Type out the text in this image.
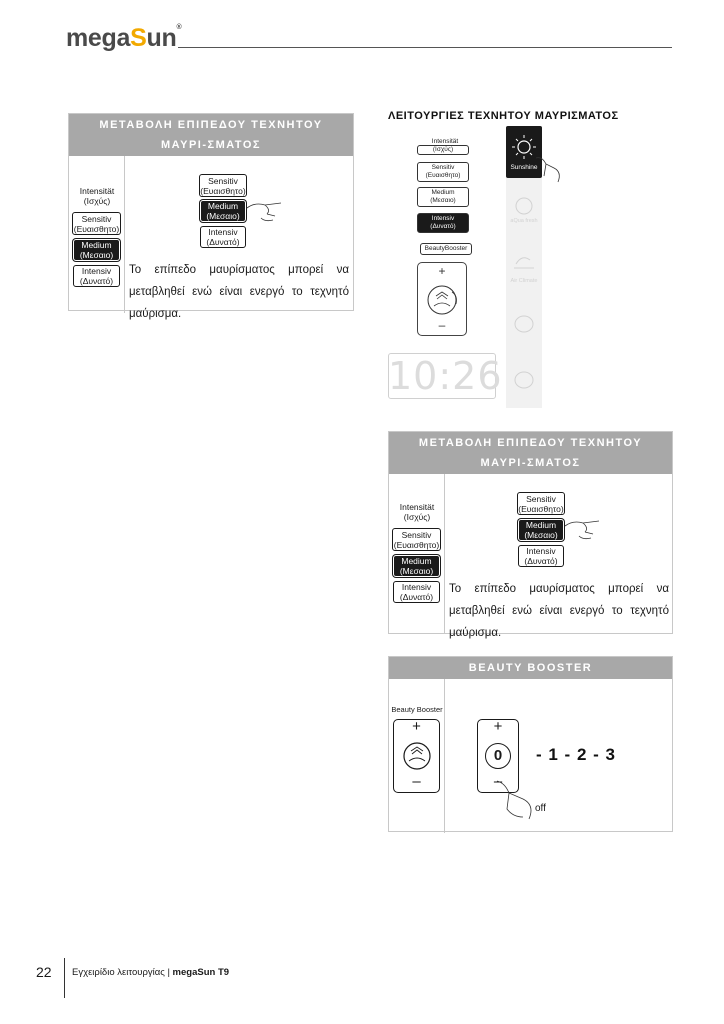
megaSun®
ΜΕΤΑΒΟΛΗ ΕΠΙΠΕΔΟΥ ΤΕΧΝΗΤΟΥ ΜΑΥΡΙ-ΣΜΑΤΟΣ
Intensität
(Ισχύς)
Sensitiv
(Ευαισθητο)
Medium
(Μεσαιο)
Intensiv
(Δυνατό)
Sensitiv
(Ευαισθητο)
Medium
(Μεσαιο)
Intensiv
(Δυνατό)
Το επίπεδο μαυρίσματος μπορεί να μεταβληθεί ενώ είναι ενεργό το τεχνητό μαύρισμα.
ΛΕΙΤΟΥΡΓΙΕΣ ΤΕΧΝΗΤΟΥ ΜΑΥΡΙΣΜΑΤΟΣ
Intensität
(Ισχύς)
Sensitiv
(Ευαισθητο)
Medium
(Μεσαιο)
Intensiv
(Δυνατό)
BeautyBooster
+
–
Sunshine
aQua fresh
Air Climate
10:26
ΜΕΤΑΒΟΛΗ ΕΠΙΠΕΔΟΥ ΤΕΧΝΗΤΟΥ ΜΑΥΡΙ-ΣΜΑΤΟΣ
Intensität
(Ισχύς)
Sensitiv
(Ευαισθητο)
Medium
(Μεσαιο)
Intensiv
(Δυνατό)
Sensitiv
(Ευαισθητο)
Medium
(Μεσαιο)
Intensiv
(Δυνατό)
Το επίπεδο μαυρίσματος μπορεί να μεταβληθεί ενώ είναι ενεργό το τεχνητό μαύρισμα.
BEAUTY BOOSTER
Beauty Booster
+
–
+
–
0
off
- 1 - 2 - 3
22 Εγχειρίδιο λειτουργίας | megaSun T9
